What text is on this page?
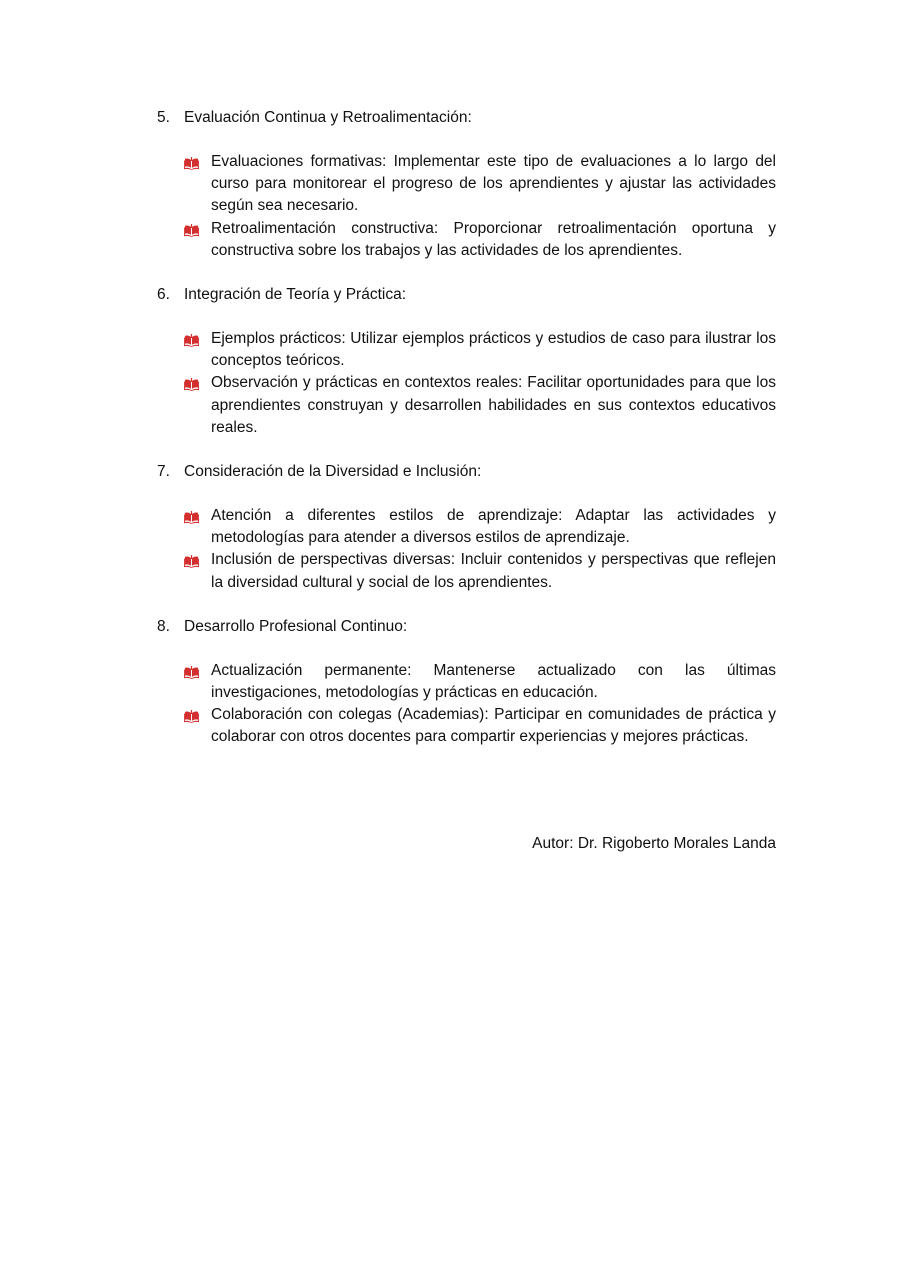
5. Evaluación Continua y Retroalimentación:
Evaluaciones formativas: Implementar este tipo de evaluaciones a lo largo del curso para monitorear el progreso de los aprendientes y ajustar las actividades según sea necesario.
Retroalimentación constructiva: Proporcionar retroalimentación oportuna y constructiva sobre los trabajos y las actividades de los aprendientes.
6. Integración de Teoría y Práctica:
Ejemplos prácticos: Utilizar ejemplos prácticos y estudios de caso para ilustrar los conceptos teóricos.
Observación y prácticas en contextos reales: Facilitar oportunidades para que los aprendientes construyan y desarrollen habilidades en sus contextos educativos reales.
7. Consideración de la Diversidad e Inclusión:
Atención a diferentes estilos de aprendizaje: Adaptar las actividades y metodologías para atender a diversos estilos de aprendizaje.
Inclusión de perspectivas diversas: Incluir contenidos y perspectivas que reflejen la diversidad cultural y social de los aprendientes.
8. Desarrollo Profesional Continuo:
Actualización permanente: Mantenerse actualizado con las últimas investigaciones, metodologías y prácticas en educación.
Colaboración con colegas (Academias): Participar en comunidades de práctica y colaborar con otros docentes para compartir experiencias y mejores prácticas.
Autor: Dr. Rigoberto Morales Landa
